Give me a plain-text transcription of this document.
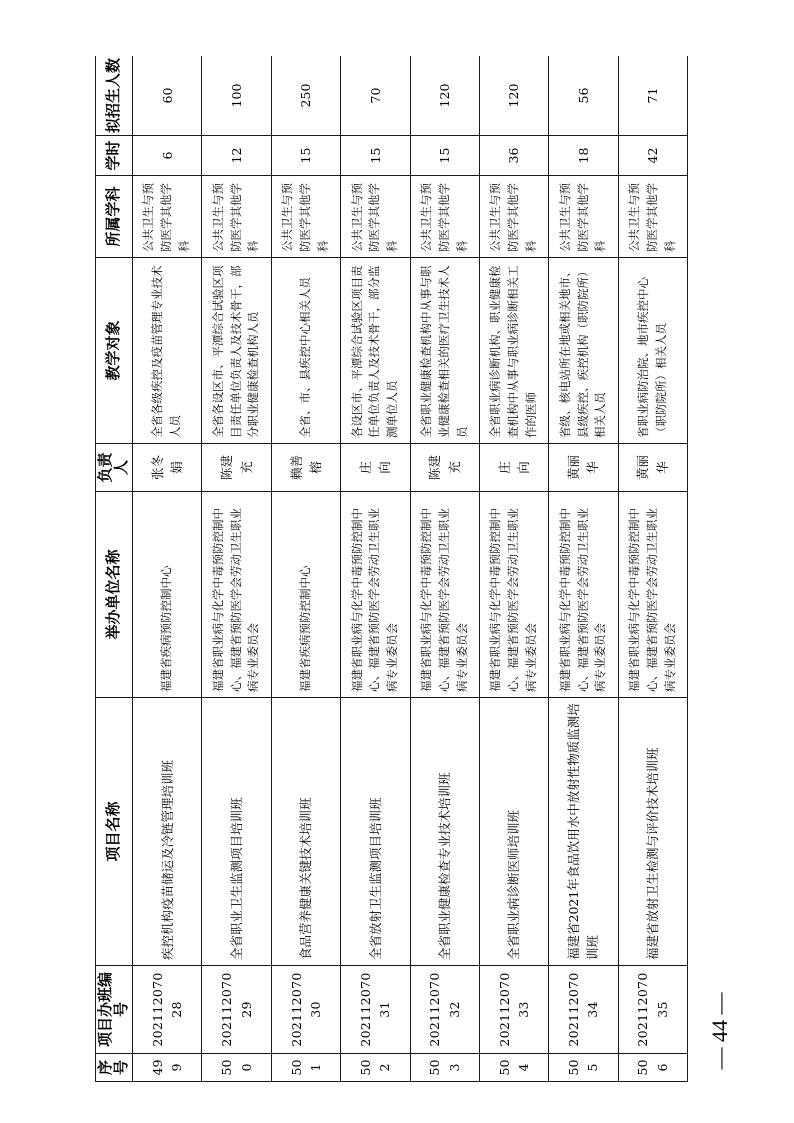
序号	项目办班编号	项目名称	举办单位名称	负责人	教学对象	所属学科	学时	拟招生人数
499	20211207028	疾控机构疫苗储运及冷链管理培训班	福建省疾病预防控制中心	张冬娟	全省各级疾控及疫苗管理专业技术人员	公共卫生与预防医学其他学科	6	60
500	20211207029	全省职业卫生监测项目培训班	福建省职业病与化学中毒预防控制中心、福建省预防医学会劳动卫生职业病专业委员会	陈建充	全省各设区市、平潭综合试验区项目责任单位负责人及技术骨干，部分职业健康检查机构人员	公共卫生与预防医学其他学科	12	100
501	20211207030	食品营养健康关键技术培训班	福建省疾病预防控制中心	赖善榕	全省、市、县疾控中心相关人员	公共卫生与预防医学其他学科	15	250
502	20211207031	全省放射卫生监测项目培训班	福建省职业病与化学中毒预防控制中心、福建省预防医学会劳动卫生职业病专业委员会	庄　向	各设区市、平潭综合试验区项目责任单位负责人及技术骨干，部分监测单位人员	公共卫生与预防医学其他学科	15	70
503	20211207032	全省职业健康检查专业技术培训班	福建省职业病与化学中毒预防控制中心、福建省预防医学会劳动卫生职业病专业委员会	陈建充	全省职业健康检查机构中从事与职业健康检查相关的医疗卫生技术人员	公共卫生与预防医学其他学科	15	120
504	20211207033	全省职业病诊断医师培训班	福建省职业病与化学中毒预防控制中心、福建省预防医学会劳动卫生职业病专业委员会	庄　向	全省职业病诊断机构、职业健康检查机构中从事与职业病诊断相关工作的医师	公共卫生与预防医学其他学科	36	120
505	20211207034	福建省2021年食品饮用水中放射性物质监测培训班	福建省职业病与化学中毒预防控制中心、福建省预防医学会劳动卫生职业病专业委员会	黄丽华	省级、核电站所在地或相关地市、县级疾控、疾控机构（职防院所）相关人员	公共卫生与预防医学其他学科	18	56
506	20211207035	福建省放射卫生检测与评价技术培训班	福建省职业病与化学中毒预防控制中心、福建省预防医学会劳动卫生职业病专业委员会	黄丽华	省职业病防治院、地市疾控中心（职防院所）相关人员	公共卫生与预防医学其他学科	42	71
— 44 —
